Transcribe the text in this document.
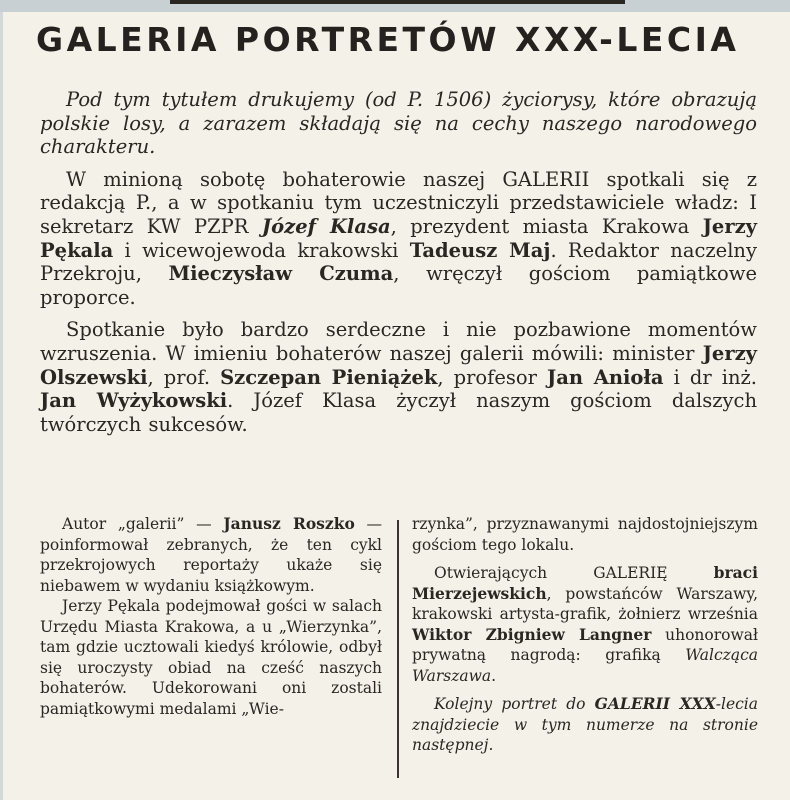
GALERIA PORTRETÓW XXX-LECIA

Pod tym tytułem drukujemy (od P. 1506) życiorysy, które obrazują polskie losy, a zarazem składają się na cechy naszego narodowego charakteru.

W minioną sobotę bohaterowie naszej GALERII spotkali się z redakcją P., a w spotkaniu tym uczestniczyli przedstawiciele władz: I sekretarz KW PZPR Józef Klasa, prezydent miasta Krakowa Jerzy Pękala i wicewojewoda krakowski Tadeusz Maj. Redaktor naczelny Przekroju, Mieczysław Czuma, wręczył gościom pamiątkowe proporce.

Spotkanie było bardzo serdeczne i nie pozbawione momentów wzruszenia. W imieniu bohaterów naszej galerii mówili: minister Jerzy Olszewski, prof. Szczepan Pieniążek, profesor Jan Anioła i dr inż. Jan Wyżykowski. Józef Klasa życzył naszym gościom dalszych twórczych sukcesów.

Autor „galerii” — Janusz Roszko — poinformował zebranych, że ten cykl przekrojowych reportaży ukaże się niebawem w wydaniu książkowym.

Jerzy Pękala podejmował gości w salach Urzędu Miasta Krakowa, a u „Wierzynka”, tam gdzie ucztowali kiedyś królowie, odbył się uroczysty obiad na cześć naszych bohaterów. Udekorowani oni zostali pamiątkowymi medalami „Wie-

rzynka”, przyznawanymi najdostojniejszym gościom tego lokalu.

Otwierających GALERIĘ braci Mierzejewskich, powstańców Warszawy, krakowski artysta-grafik, żołnierz września Wiktor Zbigniew Langner uhonorował prywatną nagrodą: grafiką Walcząca Warszawa.

Kolejny portret do GALERII XXX-lecia znajdziecie w tym numerze na stronie następnej.
